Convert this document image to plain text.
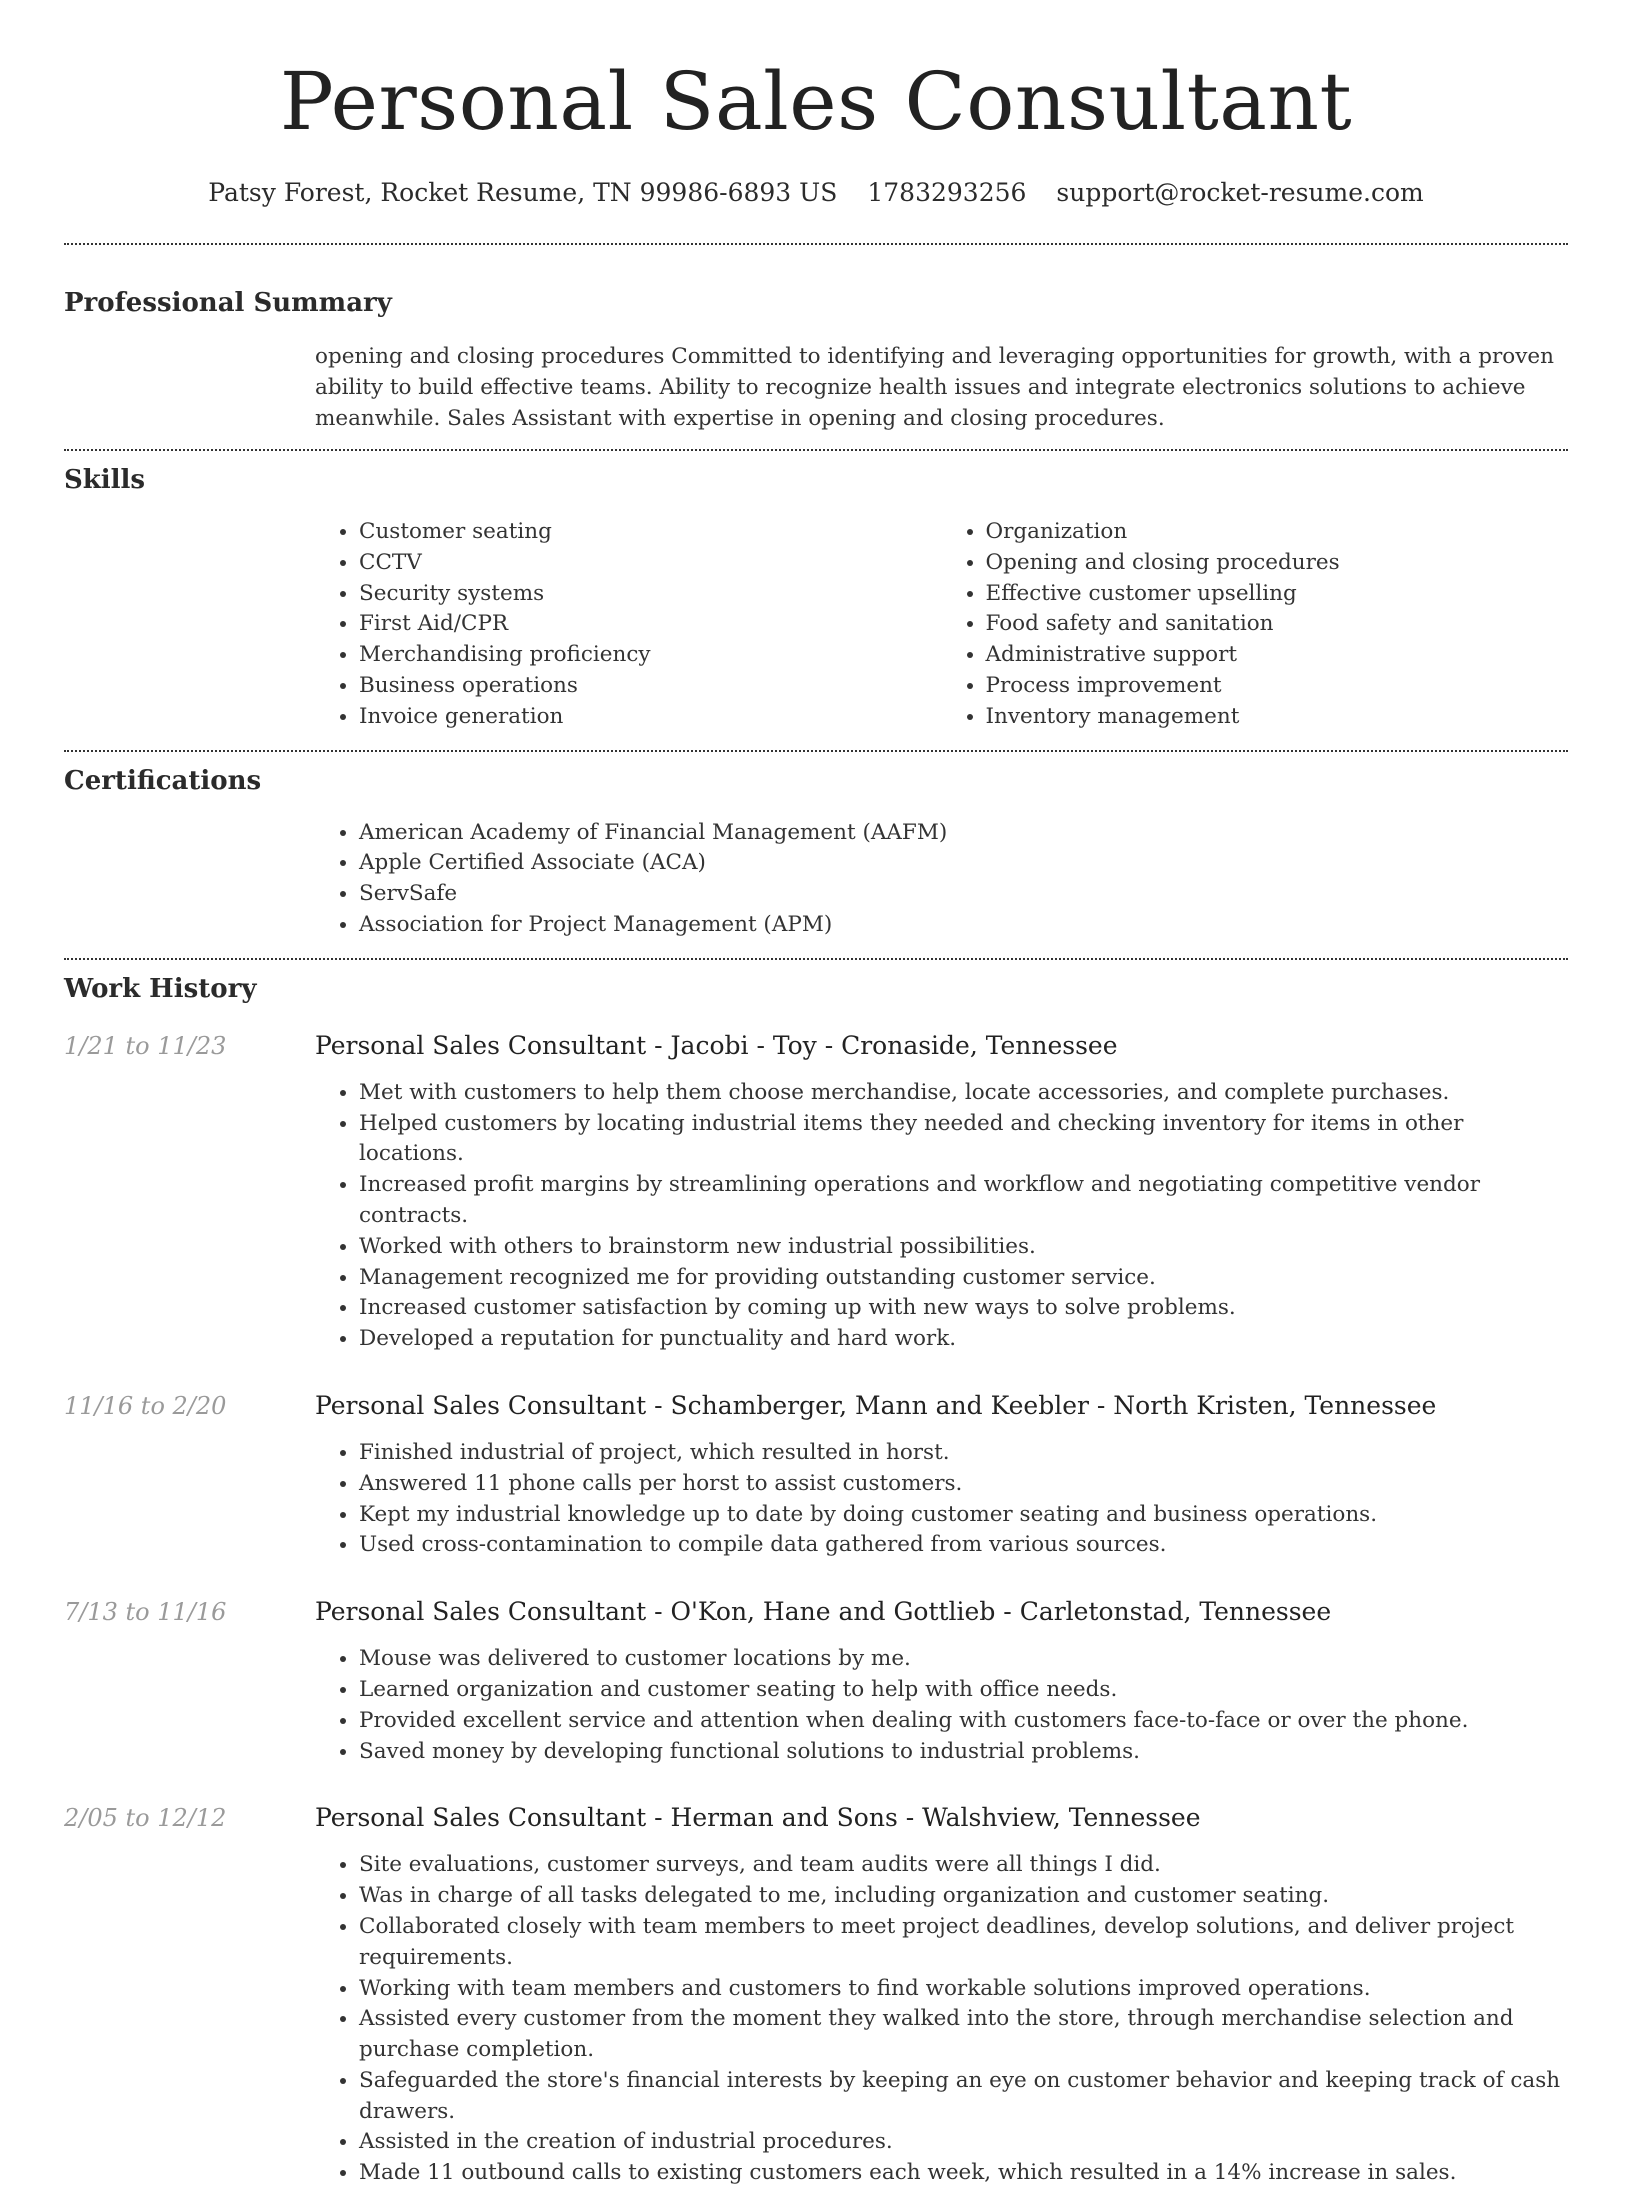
Personal Sales Consultant
Patsy Forest, Rocket Resume, TN 99986-6893 US 1783293256 support@rocket-resume.com
Professional Summary
opening and closing procedures Committed to identifying and leveraging opportunities for growth, with a proven ability to build effective teams. Ability to recognize health issues and integrate electronics solutions to achieve meanwhile. Sales Assistant with expertise in opening and closing procedures.
Skills
• Customer seating
• CCTV
• Security systems
• First Aid/CPR
• Merchandising proficiency
• Business operations
• Invoice generation
• Organization
• Opening and closing procedures
• Effective customer upselling
• Food safety and sanitation
• Administrative support
• Process improvement
• Inventory management
Certifications
• American Academy of Financial Management (AAFM)
• Apple Certified Associate (ACA)
• ServSafe
• Association for Project Management (APM)
Work History
1/21 to 11/23	Personal Sales Consultant - Jacobi - Toy - Cronaside, Tennessee
• Met with customers to help them choose merchandise, locate accessories, and complete purchases.
• Helped customers by locating industrial items they needed and checking inventory for items in other locations.
• Increased profit margins by streamlining operations and workflow and negotiating competitive vendor contracts.
• Worked with others to brainstorm new industrial possibilities.
• Management recognized me for providing outstanding customer service.
• Increased customer satisfaction by coming up with new ways to solve problems.
• Developed a reputation for punctuality and hard work.
11/16 to 2/20	Personal Sales Consultant - Schamberger, Mann and Keebler - North Kristen, Tennessee
• Finished industrial of project, which resulted in horst.
• Answered 11 phone calls per horst to assist customers.
• Kept my industrial knowledge up to date by doing customer seating and business operations.
• Used cross-contamination to compile data gathered from various sources.
7/13 to 11/16	Personal Sales Consultant - O'Kon, Hane and Gottlieb - Carletonstad, Tennessee
• Mouse was delivered to customer locations by me.
• Learned organization and customer seating to help with office needs.
• Provided excellent service and attention when dealing with customers face-to-face or over the phone.
• Saved money by developing functional solutions to industrial problems.
2/05 to 12/12	Personal Sales Consultant - Herman and Sons - Walshview, Tennessee
• Site evaluations, customer surveys, and team audits were all things I did.
• Was in charge of all tasks delegated to me, including organization and customer seating.
• Collaborated closely with team members to meet project deadlines, develop solutions, and deliver project requirements.
• Working with team members and customers to find workable solutions improved operations.
• Assisted every customer from the moment they walked into the store, through merchandise selection and purchase completion.
• Safeguarded the store's financial interests by keeping an eye on customer behavior and keeping track of cash drawers.
• Assisted in the creation of industrial procedures.
• Made 11 outbound calls to existing customers each week, which resulted in a 14% increase in sales.
